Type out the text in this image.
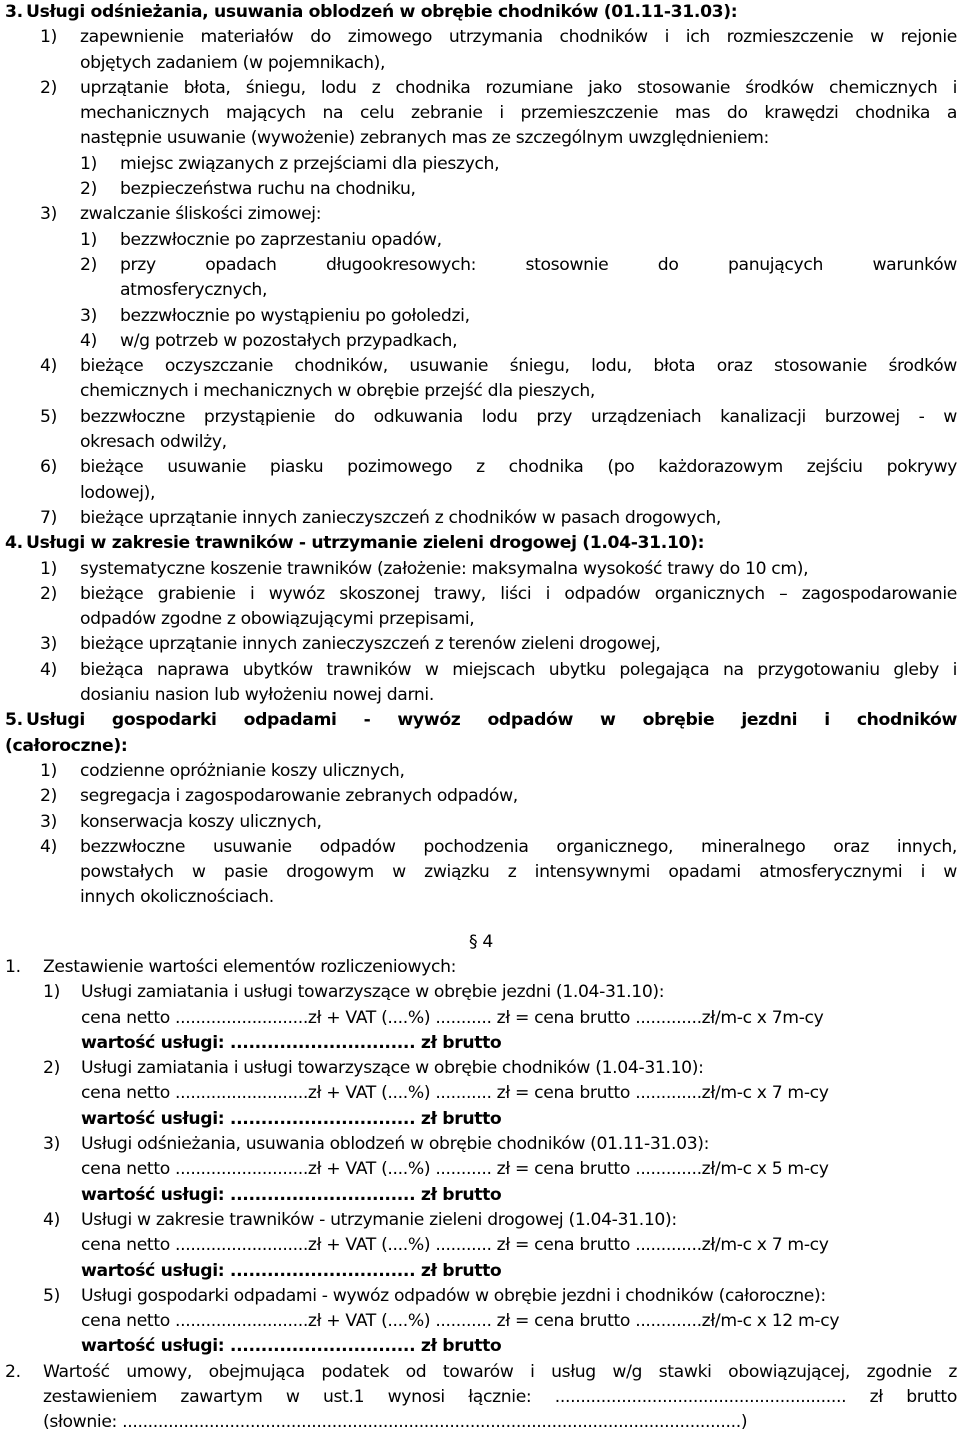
3. Usługi odśnieżania, usuwania oblodzeń w obrębie chodników (01.11-31.03):
1)	zapewnienie materiałów do zimowego utrzymania chodników i ich rozmieszczenie w rejonie
objętych zadaniem (w pojemnikach),
2)	uprzątanie błota, śniegu, lodu z chodnika rozumiane jako stosowanie środków chemicznych i
mechanicznych mających na celu zebranie i przemieszczenie mas do krawędzi chodnika a
następnie usuwanie (wywożenie) zebranych mas ze szczególnym uwzględnieniem:
1)	miejsc związanych z przejściami dla pieszych,
2)	bezpieczeństwa ruchu na chodniku,
3)	zwalczanie śliskości zimowej:
1)	bezzwłocznie po zaprzestaniu opadów,
2)	przy opadach długookresowych: stosownie do panujących warunków
atmosferycznych,
3)	bezzwłocznie po wystąpieniu po gołoledzi,
4)	w/g potrzeb w pozostałych przypadkach,
4)	bieżące oczyszczanie chodników, usuwanie śniegu, lodu, błota oraz stosowanie środków
chemicznych i mechanicznych w obrębie przejść dla pieszych,
5)	bezzwłoczne przystąpienie do odkuwania lodu przy urządzeniach kanalizacji burzowej - w
okresach odwilży,
6)	bieżące usuwanie piasku pozimowego z chodnika (po każdorazowym zejściu pokrywy
lodowej),
7)	bieżące uprzątanie innych zanieczyszczeń z chodników w pasach drogowych,
4. Usługi w zakresie trawników - utrzymanie zieleni drogowej (1.04-31.10):
1)	systematyczne koszenie trawników (założenie: maksymalna wysokość trawy do 10 cm),
2)	bieżące grabienie i wywóz skoszonej trawy, liści i odpadów organicznych – zagospodarowanie
odpadów zgodne z obowiązującymi przepisami,
3)	bieżące uprzątanie innych zanieczyszczeń z terenów zieleni drogowej,
4)	bieżąca naprawa ubytków trawników w miejscach ubytku polegająca na przygotowaniu gleby i
dosianiu nasion lub wyłożeniu nowej darni.
5. Usługi gospodarki odpadami - wywóz odpadów w obrębie jezdni i chodników
(całoroczne):
1)	codzienne opróżnianie koszy ulicznych,
2)	segregacja i zagospodarowanie zebranych odpadów,
3)	konserwacja koszy ulicznych,
4)	bezzwłoczne usuwanie odpadów pochodzenia organicznego, mineralnego oraz innych,
powstałych w pasie drogowym w związku z intensywnymi opadami atmosferycznymi i w
innych okolicznościach.
§ 4
1.	Zestawienie wartości elementów rozliczeniowych:
1)	Usługi zamiatania i usługi towarzyszące w obrębie jezdni (1.04-31.10):
cena netto ..........................zł + VAT (....%) ........... zł = cena brutto .............zł/m-c x 7m-cy
wartość usługi: .............................. zł brutto
2)	Usługi zamiatania i usługi towarzyszące w obrębie chodników (1.04-31.10):
cena netto ..........................zł + VAT (....%) ........... zł = cena brutto .............zł/m-c x 7 m-cy
wartość usługi: .............................. zł brutto
3)	Usługi odśnieżania, usuwania oblodzeń w obrębie chodników (01.11-31.03):
cena netto ..........................zł + VAT (....%) ........... zł = cena brutto .............zł/m-c x 5 m-cy
wartość usługi: .............................. zł brutto
4)	Usługi w zakresie trawników - utrzymanie zieleni drogowej (1.04-31.10):
cena netto ..........................zł + VAT (....%) ........... zł = cena brutto .............zł/m-c x 7 m-cy
wartość usługi: .............................. zł brutto
5)	Usługi gospodarki odpadami - wywóz odpadów w obrębie jezdni i chodników (całoroczne):
cena netto ..........................zł + VAT (....%) ........... zł = cena brutto .............zł/m-c x 12 m-cy
wartość usługi: .............................. zł brutto
2.	Wartość umowy, obejmująca podatek od towarów i usług w/g stawki obowiązującej, zgodnie z
zestawieniem zawartym w ust.1 wynosi łącznie: ......................................................... zł brutto
(słownie: .........................................................................................................................)
